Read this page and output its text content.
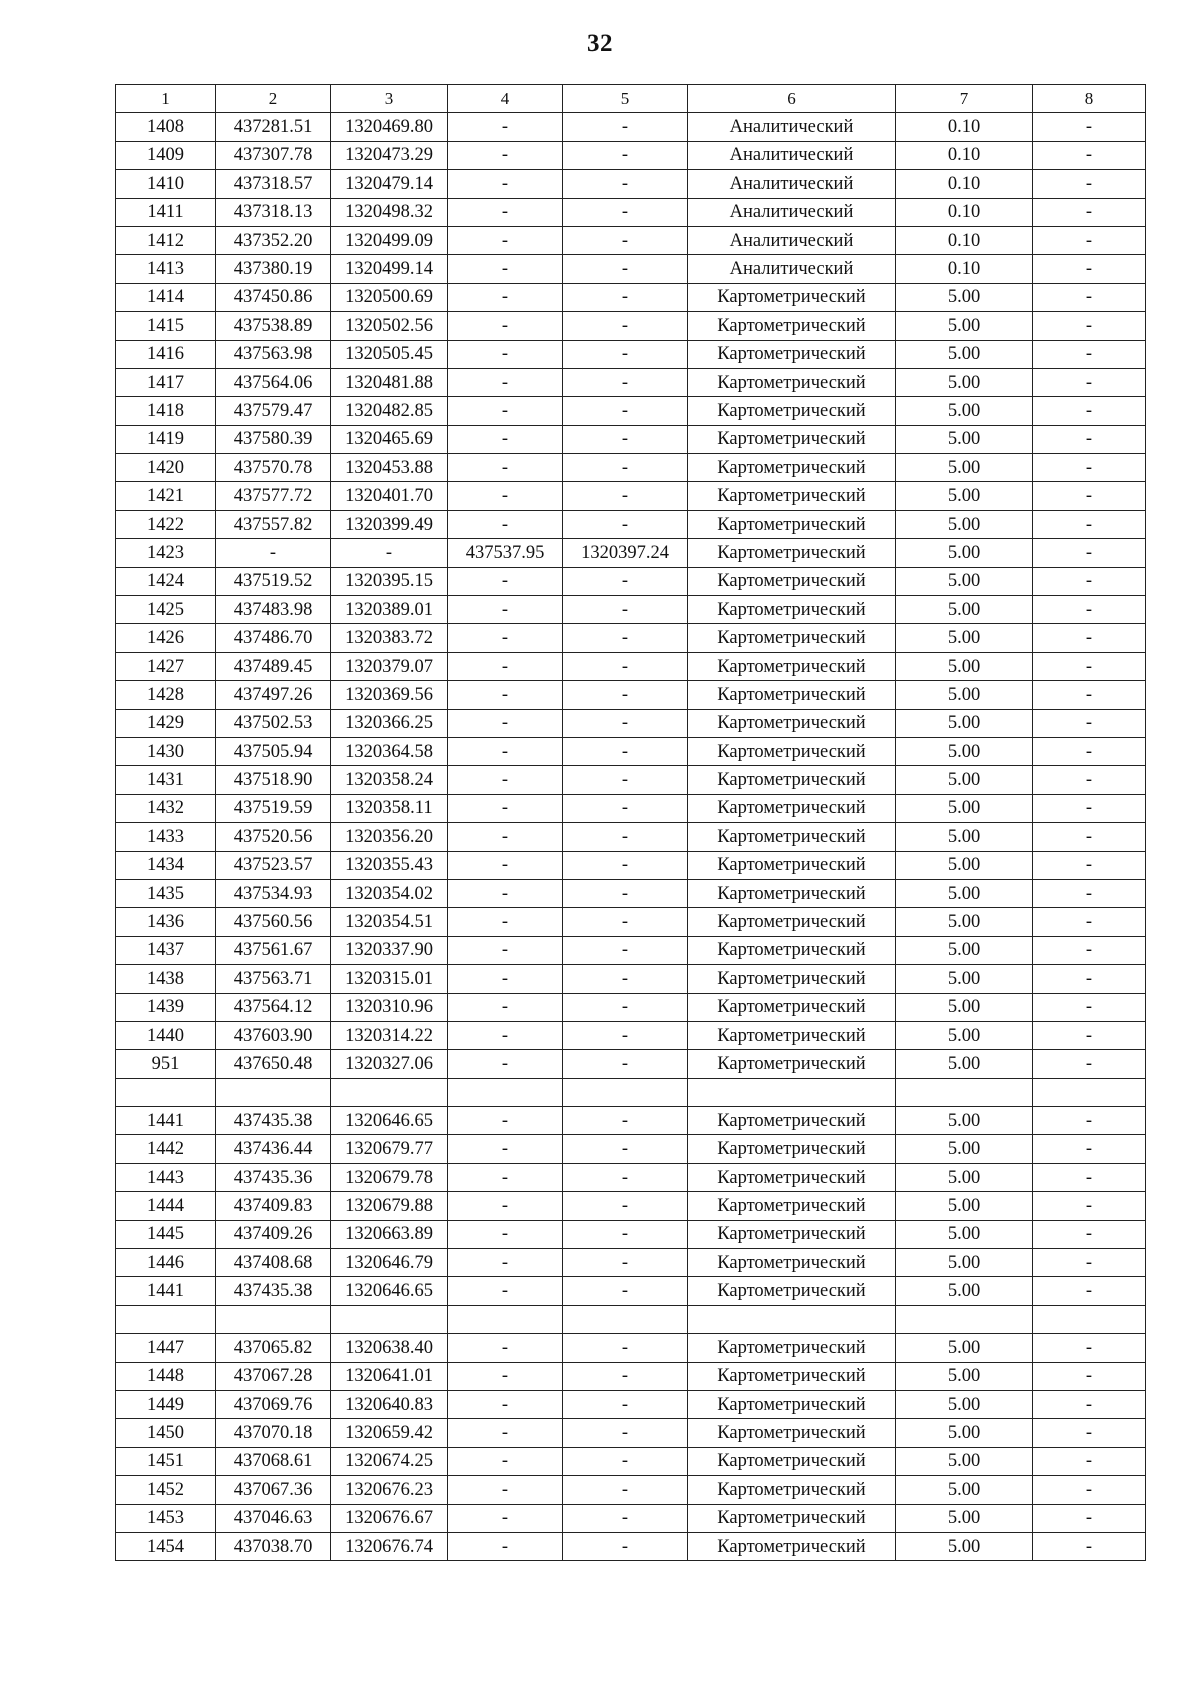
32
1	2	3	4	5	6	7	8
1408	437281.51	1320469.80	-	-	Аналитический	0.10	-
1409	437307.78	1320473.29	-	-	Аналитический	0.10	-
1410	437318.57	1320479.14	-	-	Аналитический	0.10	-
1411	437318.13	1320498.32	-	-	Аналитический	0.10	-
1412	437352.20	1320499.09	-	-	Аналитический	0.10	-
1413	437380.19	1320499.14	-	-	Аналитический	0.10	-
1414	437450.86	1320500.69	-	-	Картометрический	5.00	-
1415	437538.89	1320502.56	-	-	Картометрический	5.00	-
1416	437563.98	1320505.45	-	-	Картометрический	5.00	-
1417	437564.06	1320481.88	-	-	Картометрический	5.00	-
1418	437579.47	1320482.85	-	-	Картометрический	5.00	-
1419	437580.39	1320465.69	-	-	Картометрический	5.00	-
1420	437570.78	1320453.88	-	-	Картометрический	5.00	-
1421	437577.72	1320401.70	-	-	Картометрический	5.00	-
1422	437557.82	1320399.49	-	-	Картометрический	5.00	-
1423	-	-	437537.95	1320397.24	Картометрический	5.00	-
1424	437519.52	1320395.15	-	-	Картометрический	5.00	-
1425	437483.98	1320389.01	-	-	Картометрический	5.00	-
1426	437486.70	1320383.72	-	-	Картометрический	5.00	-
1427	437489.45	1320379.07	-	-	Картометрический	5.00	-
1428	437497.26	1320369.56	-	-	Картометрический	5.00	-
1429	437502.53	1320366.25	-	-	Картометрический	5.00	-
1430	437505.94	1320364.58	-	-	Картометрический	5.00	-
1431	437518.90	1320358.24	-	-	Картометрический	5.00	-
1432	437519.59	1320358.11	-	-	Картометрический	5.00	-
1433	437520.56	1320356.20	-	-	Картометрический	5.00	-
1434	437523.57	1320355.43	-	-	Картометрический	5.00	-
1435	437534.93	1320354.02	-	-	Картометрический	5.00	-
1436	437560.56	1320354.51	-	-	Картометрический	5.00	-
1437	437561.67	1320337.90	-	-	Картометрический	5.00	-
1438	437563.71	1320315.01	-	-	Картометрический	5.00	-
1439	437564.12	1320310.96	-	-	Картометрический	5.00	-
1440	437603.90	1320314.22	-	-	Картометрический	5.00	-
951	437650.48	1320327.06	-	-	Картометрический	5.00	-

1441	437435.38	1320646.65	-	-	Картометрический	5.00	-
1442	437436.44	1320679.77	-	-	Картометрический	5.00	-
1443	437435.36	1320679.78	-	-	Картометрический	5.00	-
1444	437409.83	1320679.88	-	-	Картометрический	5.00	-
1445	437409.26	1320663.89	-	-	Картометрический	5.00	-
1446	437408.68	1320646.79	-	-	Картометрический	5.00	-
1441	437435.38	1320646.65	-	-	Картометрический	5.00	-

1447	437065.82	1320638.40	-	-	Картометрический	5.00	-
1448	437067.28	1320641.01	-	-	Картометрический	5.00	-
1449	437069.76	1320640.83	-	-	Картометрический	5.00	-
1450	437070.18	1320659.42	-	-	Картометрический	5.00	-
1451	437068.61	1320674.25	-	-	Картометрический	5.00	-
1452	437067.36	1320676.23	-	-	Картометрический	5.00	-
1453	437046.63	1320676.67	-	-	Картометрический	5.00	-
1454	437038.70	1320676.74	-	-	Картометрический	5.00	-
